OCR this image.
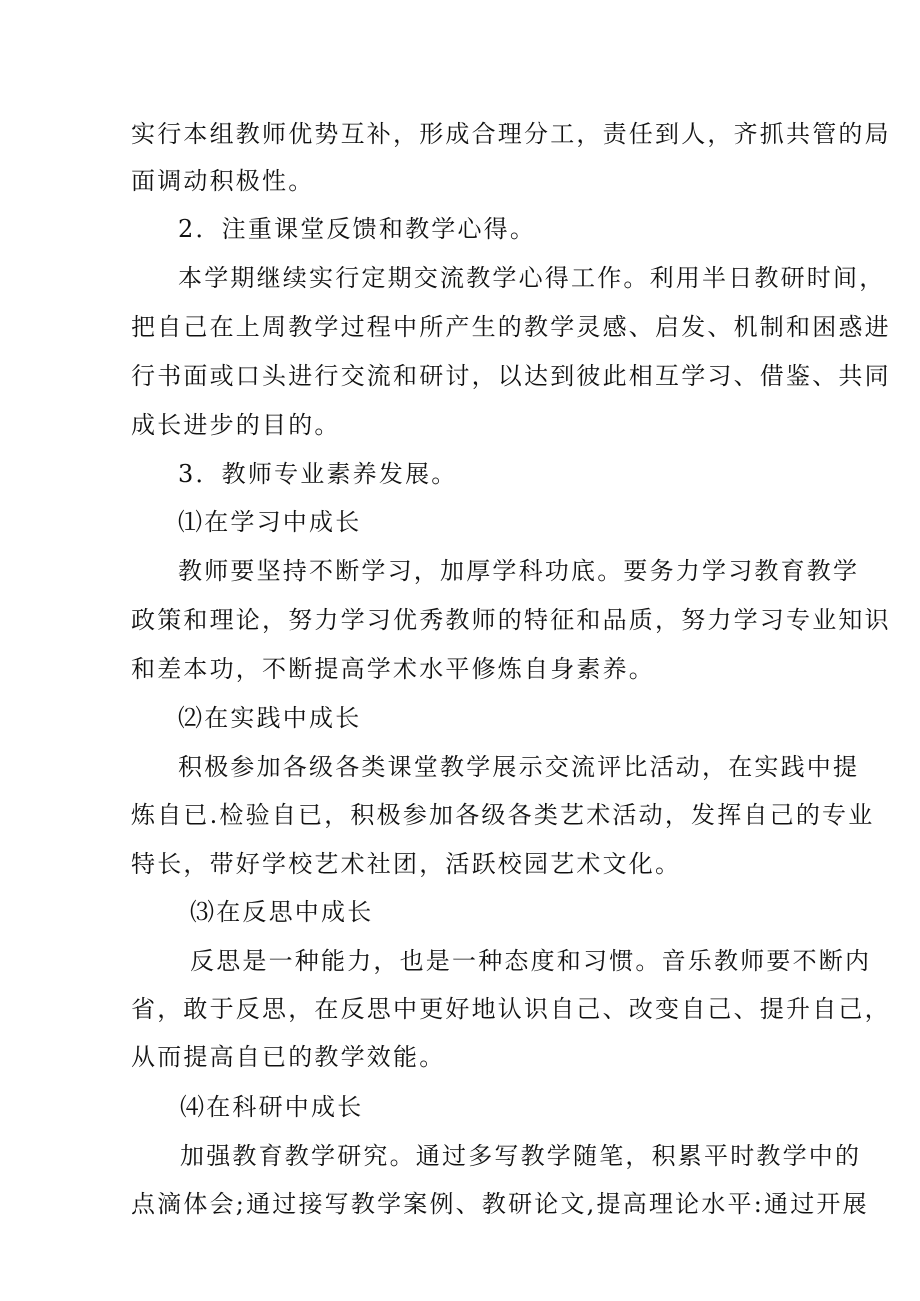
实行本组教师优势互补，形成合理分工，责任到人，齐抓共管的局
面调动积极性。
2．注重课堂反馈和教学心得。
本学期继续实行定期交流教学心得工作。利用半日教研时间，
把自己在上周教学过程中所产生的教学灵感、启发、机制和困惑进
行书面或口头进行交流和研讨，以达到彼此相互学习、借鉴、共同
成长进步的目的。
3．教师专业素养发展。
⑴在学习中成长
教师要坚持不断学习，加厚学科功底。要务力学习教育教学
政策和理论，努力学习优秀教师的特征和品质，努力学习专业知识
和差本功，不断提高学术水平修炼自身素养。
⑵在实践中成长
积极参加各级各类课堂教学展示交流评比活动，在实践中提
炼自已.检验自已，积极参加各级各类艺术活动，发挥自己的专业
特长，带好学校艺术社团，活跃校园艺术文化。
⑶在反思中成长
反思是一种能力，也是一种态度和习惯。音乐教师要不断内
省，敢于反思，在反思中更好地认识自己、改变自己、提升自己，
从而提高自已的教学效能。
⑷在科研中成长
加强教育教学研究。通过多写教学随笔，积累平时教学中的
点滴体会;通过接写教学案例、教研论文,提高理论水平:通过开展
